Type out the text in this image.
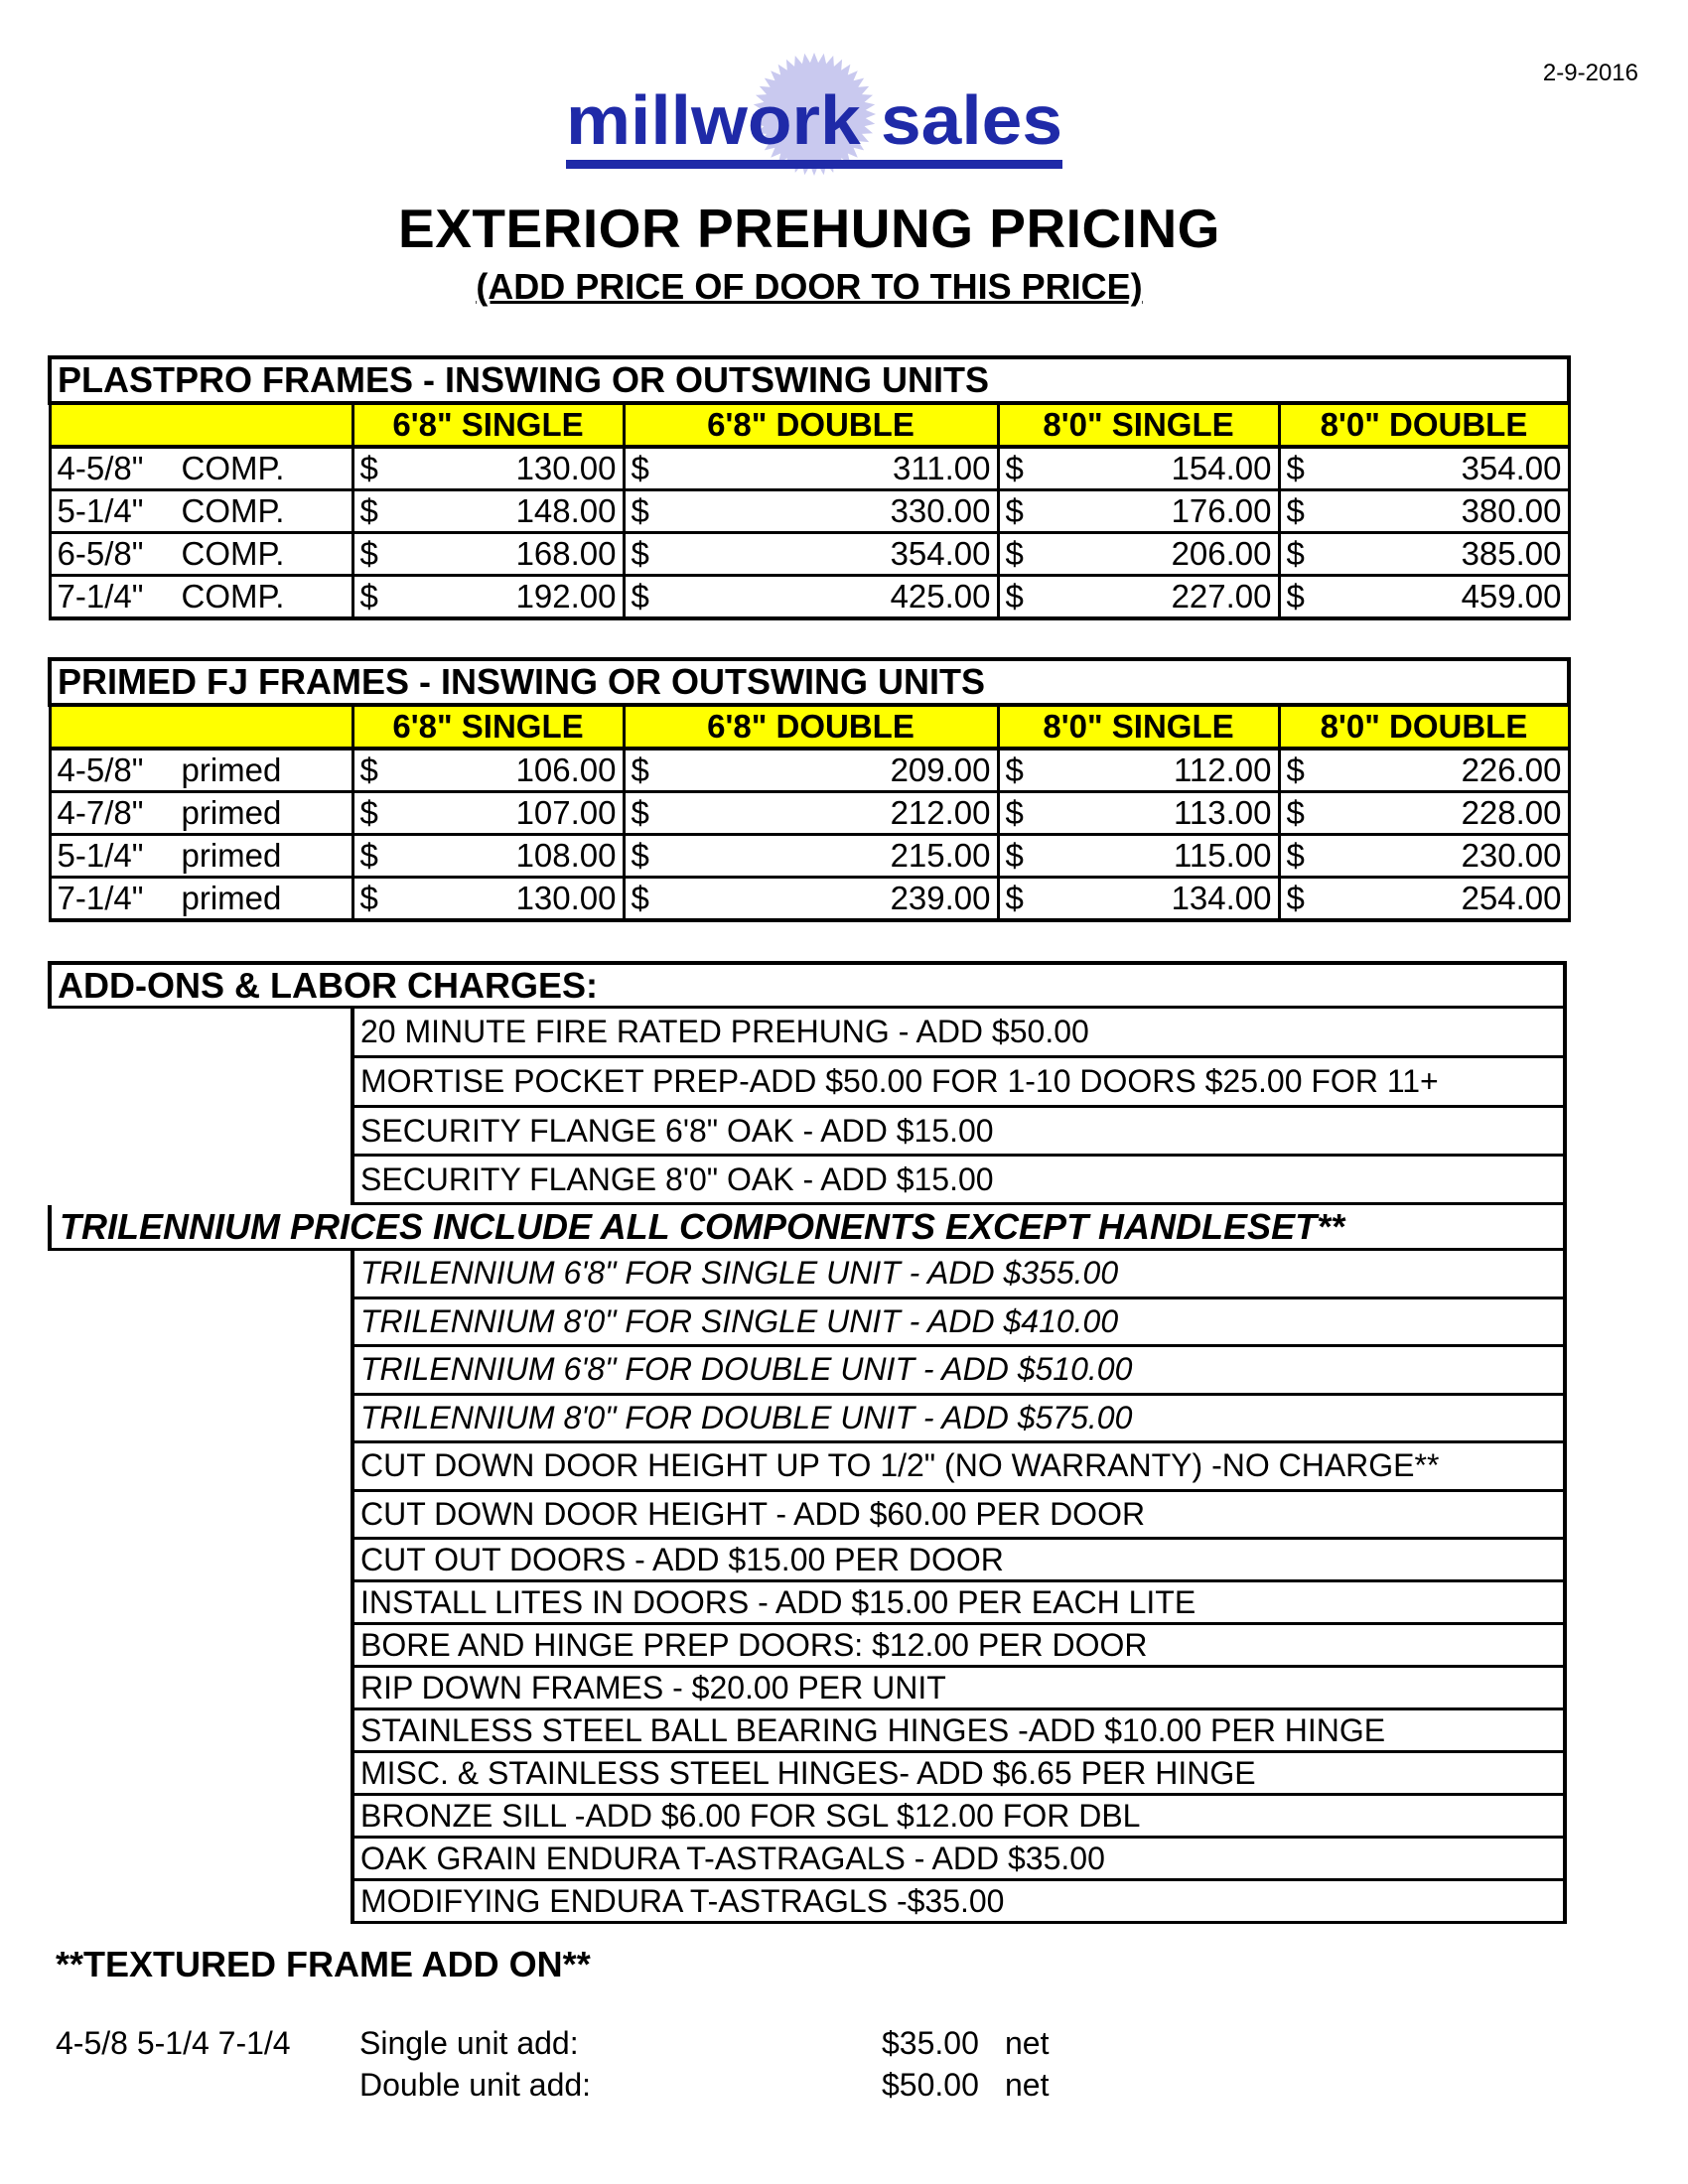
2-9-2016
millwork sales
EXTERIOR PREHUNG PRICING
(ADD PRICE OF DOOR TO THIS PRICE)
PLASTPRO FRAMES - INSWING OR OUTSWING UNITS				
	6'8" SINGLE	6'8" DOUBLE	8'0" SINGLE	8'0" DOUBLE
4-5/8" COMP.	$ 130.00	$ 311.00	$ 154.00	$ 354.00

5-1/4" COMP.	$ 148.00	$ 330.00	$ 176.00	$ 380.00

6-5/8" COMP.	$ 168.00	$ 354.00	$ 206.00	$ 385.00

7-1/4" COMP.	$ 192.00	$ 425.00	$ 227.00	$ 459.00
PRIMED FJ FRAMES - INSWING OR OUTSWING UNITS				
	6'8" SINGLE	6'8" DOUBLE	8'0" SINGLE	8'0" DOUBLE
4-5/8" primed	$ 106.00	$ 209.00	$ 112.00	$ 226.00

4-7/8" primed	$ 107.00	$ 212.00	$ 113.00	$ 228.00

5-1/4" primed	$ 108.00	$ 215.00	$ 115.00	$ 230.00

7-1/4" primed	$ 130.00	$ 239.00	$ 134.00	$ 254.00
ADD-ONS & LABOR CHARGES:
20 MINUTE FIRE RATED PREHUNG - ADD $50.00
MORTISE POCKET PREP-ADD $50.00 FOR 1-10 DOORS $25.00 FOR 11+
SECURITY FLANGE 6'8" OAK - ADD $15.00
SECURITY FLANGE 8'0" OAK - ADD $15.00
TRILENNIUM PRICES INCLUDE ALL COMPONENTS EXCEPT HANDLESET**
TRILENNIUM 6'8" FOR SINGLE UNIT - ADD $355.00
TRILENNIUM 8'0" FOR SINGLE UNIT - ADD $410.00
TRILENNIUM 6'8" FOR DOUBLE UNIT - ADD $510.00
TRILENNIUM 8'0" FOR DOUBLE UNIT - ADD $575.00
CUT DOWN DOOR HEIGHT UP TO 1/2" (NO WARRANTY) -NO CHARGE**
CUT DOWN DOOR HEIGHT - ADD $60.00 PER DOOR
CUT OUT DOORS - ADD $15.00 PER DOOR
INSTALL LITES IN DOORS - ADD $15.00 PER EACH LITE
BORE AND HINGE PREP DOORS: $12.00 PER DOOR
RIP DOWN FRAMES - $20.00 PER UNIT
STAINLESS STEEL BALL BEARING HINGES -ADD $10.00 PER HINGE
MISC. & STAINLESS STEEL HINGES- ADD $6.65 PER HINGE
BRONZE SILL -ADD $6.00 FOR SGL $12.00 FOR DBL
OAK GRAIN ENDURA T-ASTRAGALS - ADD $35.00
MODIFYING ENDURA T-ASTRAGLS -$35.00
**TEXTURED FRAME ADD ON**
4-5/8 5-1/4 7-1/4 Single unit add:	$35.00 net
Double unit add:	$50.00 net
